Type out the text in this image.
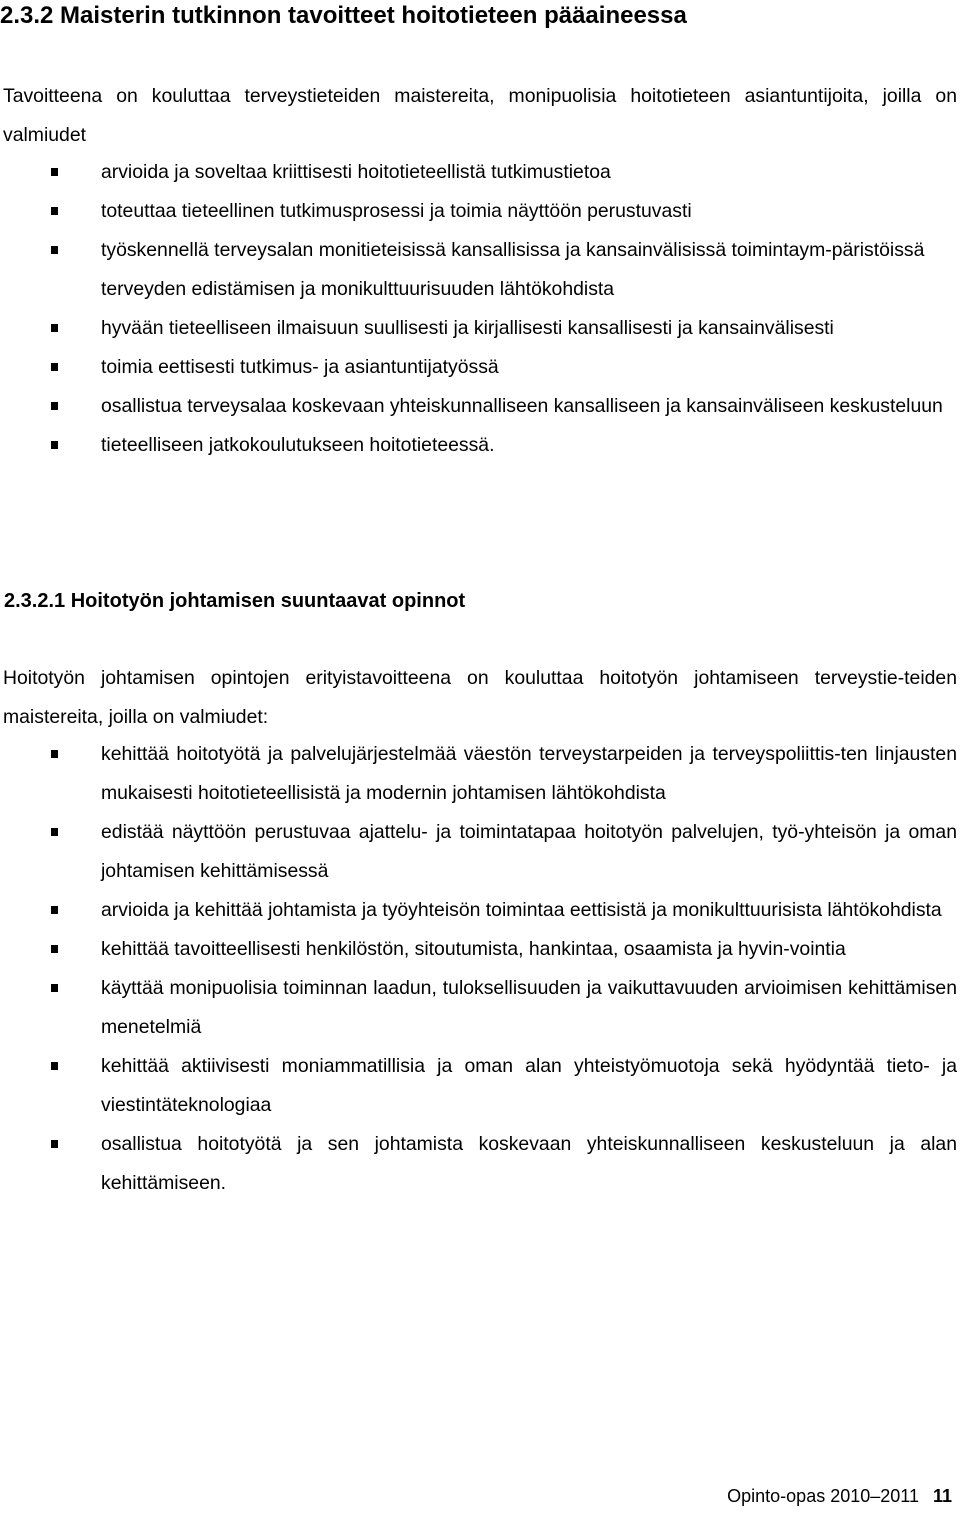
2.3.2 Maisterin tutkinnon tavoitteet hoitotieteen pääaineessa

Tavoitteena on kouluttaa terveystieteiden maistereita, monipuolisia hoitotieteen asiantuntijoita, joilla on valmiudet

arvioida ja soveltaa kriittisesti hoitotieteellistä tutkimustietoa
toteuttaa tieteellinen tutkimusprosessi ja toimia näyttöön perustuvasti
työskennellä terveysalan monitieteisissä kansallisissa ja kansainvälisissä toimintaym-päristöissä terveyden edistämisen ja monikulttuurisuuden lähtökohdista
hyvään tieteelliseen ilmaisuun suullisesti ja kirjallisesti kansallisesti ja kansainvälisesti
toimia eettisesti tutkimus- ja asiantuntijatyössä
osallistua terveysalaa koskevaan yhteiskunnalliseen kansalliseen ja kansainväliseen keskusteluun
tieteelliseen jatkokoulutukseen hoitotieteessä.
2.3.2.1 Hoitotyön johtamisen suuntaavat opinnot

Hoitotyön johtamisen opintojen erityistavoitteena on kouluttaa hoitotyön johtamiseen terveystie-teiden maistereita, joilla on valmiudet:

kehittää hoitotyötä ja palvelujärjestelmää väestön terveystarpeiden ja terveyspoliittis-ten linjausten mukaisesti hoitotieteellisistä ja modernin johtamisen lähtökohdista
edistää näyttöön perustuvaa ajattelu- ja toimintatapaa hoitotyön palvelujen, työ-yhteisön ja oman johtamisen kehittämisessä
arvioida ja kehittää johtamista ja työyhteisön toimintaa eettisistä ja monikulttuurisista lähtökohdista
kehittää tavoitteellisesti henkilöstön, sitoutumista, hankintaa, osaamista ja hyvin-vointia
käyttää monipuolisia toiminnan laadun, tuloksellisuuden ja vaikuttavuuden arvioimisen kehittämisen menetelmiä
kehittää aktiivisesti moniammatillisia ja oman alan yhteistyömuotoja sekä hyödyntää tieto- ja viestintäteknologiaa
osallistua hoitotyötä ja sen johtamista koskevaan yhteiskunnalliseen keskusteluun ja alan kehittämiseen.
Opinto-opas 2010–2011 11
